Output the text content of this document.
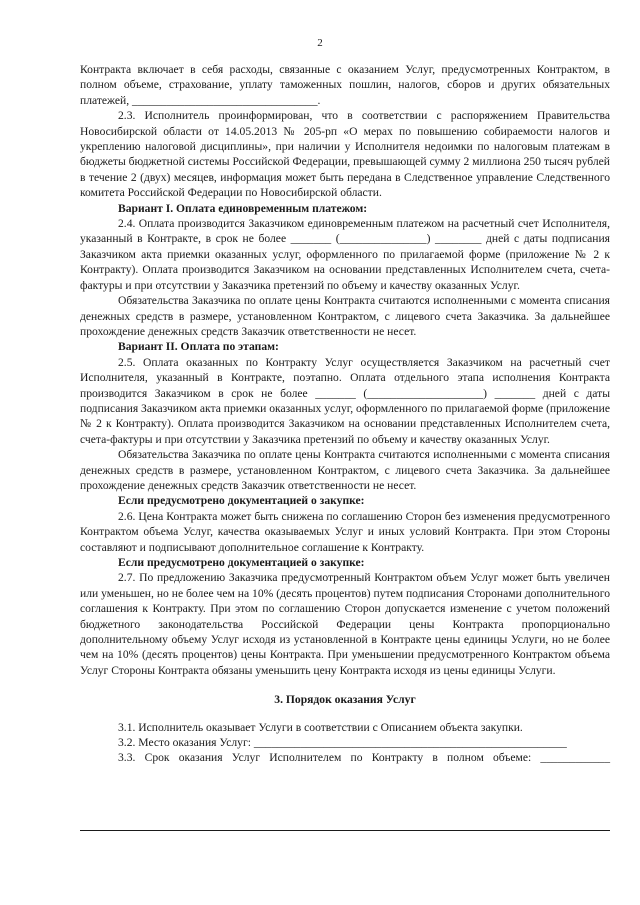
2

Контракта включает в себя расходы, связанные с оказанием Услуг, предусмотренных Контрактом, в полном объеме, страхование, уплату таможенных пошлин, налогов, сборов и других обязательных платежей, ________________________________.

2.3. Исполнитель проинформирован, что в соответствии с распоряжением Правительства Новосибирской области от 14.05.2013 № 205-рп «О мерах по повышению собираемости налогов и укреплению налоговой дисциплины», при наличии у Исполнителя недоимки по налоговым платежам в бюджеты бюджетной системы Российской Федерации, превышающей сумму 2 миллиона 250 тысяч рублей в течение 2 (двух) месяцев, информация может быть передана в Следственное управление Следственного комитета Российской Федерации по Новосибирской области.

Вариант I. Оплата единовременным платежом:

2.4. Оплата производится Заказчиком единовременным платежом на расчетный счет Исполнителя, указанный в Контракте, в срок не более _______ (_______________) ________ дней с даты подписания Заказчиком акта приемки оказанных услуг, оформленного по прилагаемой форме (приложение № 2 к Контракту). Оплата производится Заказчиком на основании представленных Исполнителем счета, счета-фактуры и при отсутствии у Заказчика претензий по объему и качеству оказанных Услуг.

Обязательства Заказчика по оплате цены Контракта считаются исполненными с момента списания денежных средств в размере, установленном Контрактом, с лицевого счета Заказчика. За дальнейшее прохождение денежных средств Заказчик ответственности не несет.

Вариант II. Оплата по этапам:

2.5. Оплата оказанных по Контракту Услуг осуществляется Заказчиком на расчетный счет Исполнителя, указанный в Контракте, поэтапно. Оплата отдельного этапа исполнения Контракта производится Заказчиком в срок не более _______ (____________________) _______ дней с даты подписания Заказчиком акта приемки оказанных услуг, оформленного по прилагаемой форме (приложение № 2 к Контракту). Оплата производится Заказчиком на основании представленных Исполнителем счета, счета-фактуры и при отсутствии у Заказчика претензий по объему и качеству оказанных Услуг.

Обязательства Заказчика по оплате цены Контракта считаются исполненными с момента списания денежных средств в размере, установленном Контрактом, с лицевого счета Заказчика. За дальнейшее прохождение денежных средств Заказчик ответственности не несет.

Если предусмотрено документацией о закупке:

2.6. Цена Контракта может быть снижена по соглашению Сторон без изменения предусмотренного Контрактом объема Услуг, качества оказываемых Услуг и иных условий Контракта. При этом Стороны составляют и подписывают дополнительное соглашение к Контракту.

Если предусмотрено документацией о закупке:

2.7. По предложению Заказчика предусмотренный Контрактом объем Услуг может быть увеличен или уменьшен, но не более чем на 10% (десять процентов) путем подписания Сторонами дополнительного соглашения к Контракту. При этом по соглашению Сторон допускается изменение с учетом положений бюджетного законодательства Российской Федерации цены Контракта пропорционально дополнительному объему Услуг исходя из установленной в Контракте цены единицы Услуги, но не более чем на 10% (десять процентов) цены Контракта. При уменьшении предусмотренного Контрактом объема Услуг Стороны Контракта обязаны уменьшить цену Контракта исходя из цены единицы Услуги.

3. Порядок оказания Услуг

3.1. Исполнитель оказывает Услуги в соответствии с Описанием объекта закупки.

3.2. Место оказания Услуг: ______________________________________________________

3.3. Срок оказания Услуг Исполнителем по Контракту в полном объеме: ____________
